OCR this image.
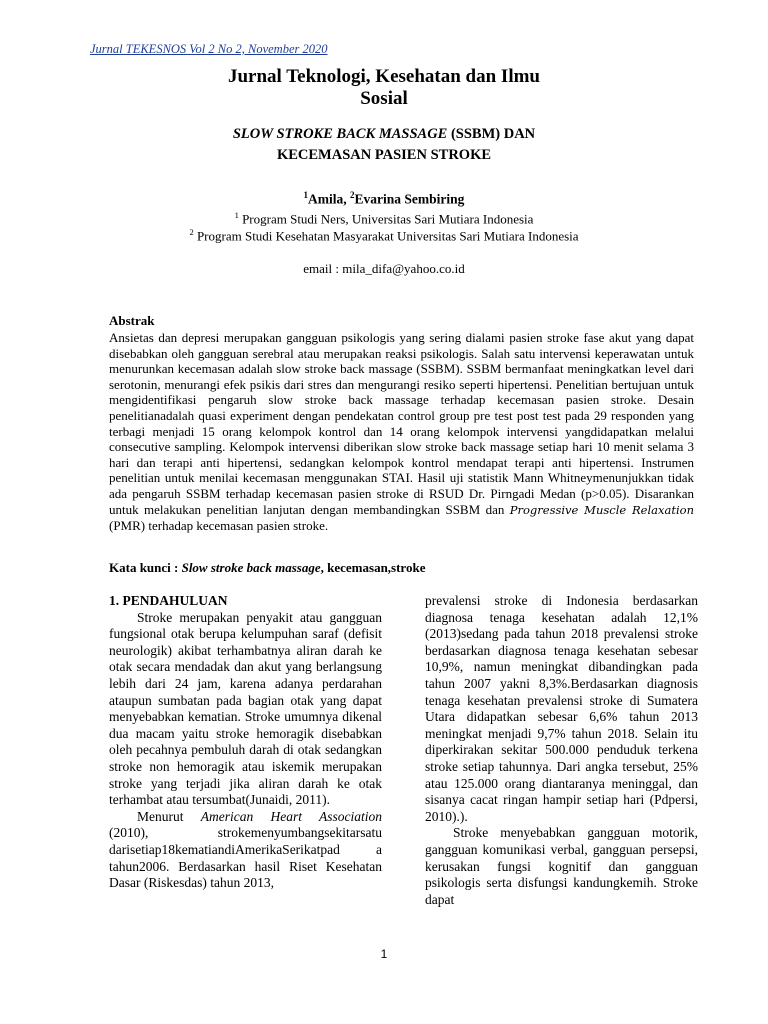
Jurnal TEKESNOS Vol 2 No 2, November 2020
Jurnal Teknologi, Kesehatan dan Ilmu
Sosial
SLOW STROKE BACK MASSAGE (SSBM) DAN
KECEMASAN PASIEN STROKE
$^1$Amila, $^2$Evarina Sembiring
$^1$ Program Studi Ners, Universitas Sari Mutiara Indonesia
$^2$ Program Studi Kesehatan Masyarakat Universitas Sari Mutiara Indonesia
email : mila_difa@yahoo.co.id
Abstrak
Ansietas dan depresi merupakan gangguan psikologis yang sering dialami pasien stroke fase akut yang dapat disebabkan oleh gangguan serebral atau merupakan reaksi psikologis. Salah satu intervensi keperawatan untuk menurunkan kecemasan adalah slow stroke back massage (SSBM). SSBM bermanfaat meningkatkan level dari serotonin, menurangi efek psikis dari stres dan mengurangi resiko seperti hipertensi. Penelitian bertujuan untuk mengidentifikasi pengaruh slow stroke back massage terhadap kecemasan pasien stroke. Desain penelitianadalah quasi experiment dengan pendekatan control group pre test post test pada 29 responden yang terbagi menjadi 15 orang kelompok kontrol dan 14 orang kelompok intervensi yangdidapatkan melalui consecutive sampling. Kelompok intervensi diberikan slow stroke back massage setiap hari 10 menit selama 3 hari dan terapi anti hipertensi, sedangkan kelompok kontrol mendapat terapi anti hipertensi. Instrumen penelitian untuk menilai kecemasan menggunakan STAI. Hasil uji statistik Mann Whitneymenunjukkan tidak ada pengaruh SSBM terhadap kecemasan pasien stroke di RSUD Dr. Pirngadi Medan (p>0.05). Disarankan untuk melakukan penelitian lanjutan dengan membandingkan SSBM dan Progressive Muscle Relaxation (PMR) terhadap kecemasan pasien stroke.
Kata kunci : Slow stroke back massage, kecemasan,stroke
1. PENDAHULUAN

Stroke merupakan penyakit atau gangguan fungsional otak berupa kelumpuhan saraf (defisit neurologik) akibat terhambatnya aliran darah ke otak secara mendadak dan akut yang berlangsung lebih dari 24 jam, karena adanya perdarahan ataupun sumbatan pada bagian otak yang dapat menyebabkan kematian. Stroke umumnya dikenal dua macam yaitu stroke hemoragik disebabkan oleh pecahnya pembuluh darah di otak sedangkan stroke non hemoragik atau iskemik merupakan stroke yang terjadi jika aliran darah ke otak terhambat atau tersumbat(Junaidi, 2011).

Menurut American Heart Association (2010), strokemenyumbangsekitarsatu darisetiap18kematiandiAmerikaSerikatpad a tahun2006. Berdasarkan hasil Riset Kesehatan Dasar (Riskesdas) tahun 2013,

prevalensi stroke di Indonesia berdasarkan diagnosa tenaga kesehatan adalah 12,1% (2013)sedang pada tahun 2018 prevalensi stroke berdasarkan diagnosa tenaga kesehatan sebesar 10,9%, namun meningkat dibandingkan pada tahun 2007 yakni 8,3%.Berdasarkan diagnosis tenaga kesehatan prevalensi stroke di Sumatera Utara didapatkan sebesar 6,6% tahun 2013 meningkat menjadi 9,7% tahun 2018. Selain itu diperkirakan sekitar 500.000 penduduk terkena stroke setiap tahunnya. Dari angka tersebut, 25% atau 125.000 orang diantaranya meninggal, dan sisanya cacat ringan hampir setiap hari (Pdpersi, 2010).).

Stroke menyebabkan gangguan motorik, gangguan komunikasi verbal, gangguan persepsi, kerusakan fungsi kognitif dan gangguan psikologis serta disfungsi kandungkemih. Stroke dapat

1
